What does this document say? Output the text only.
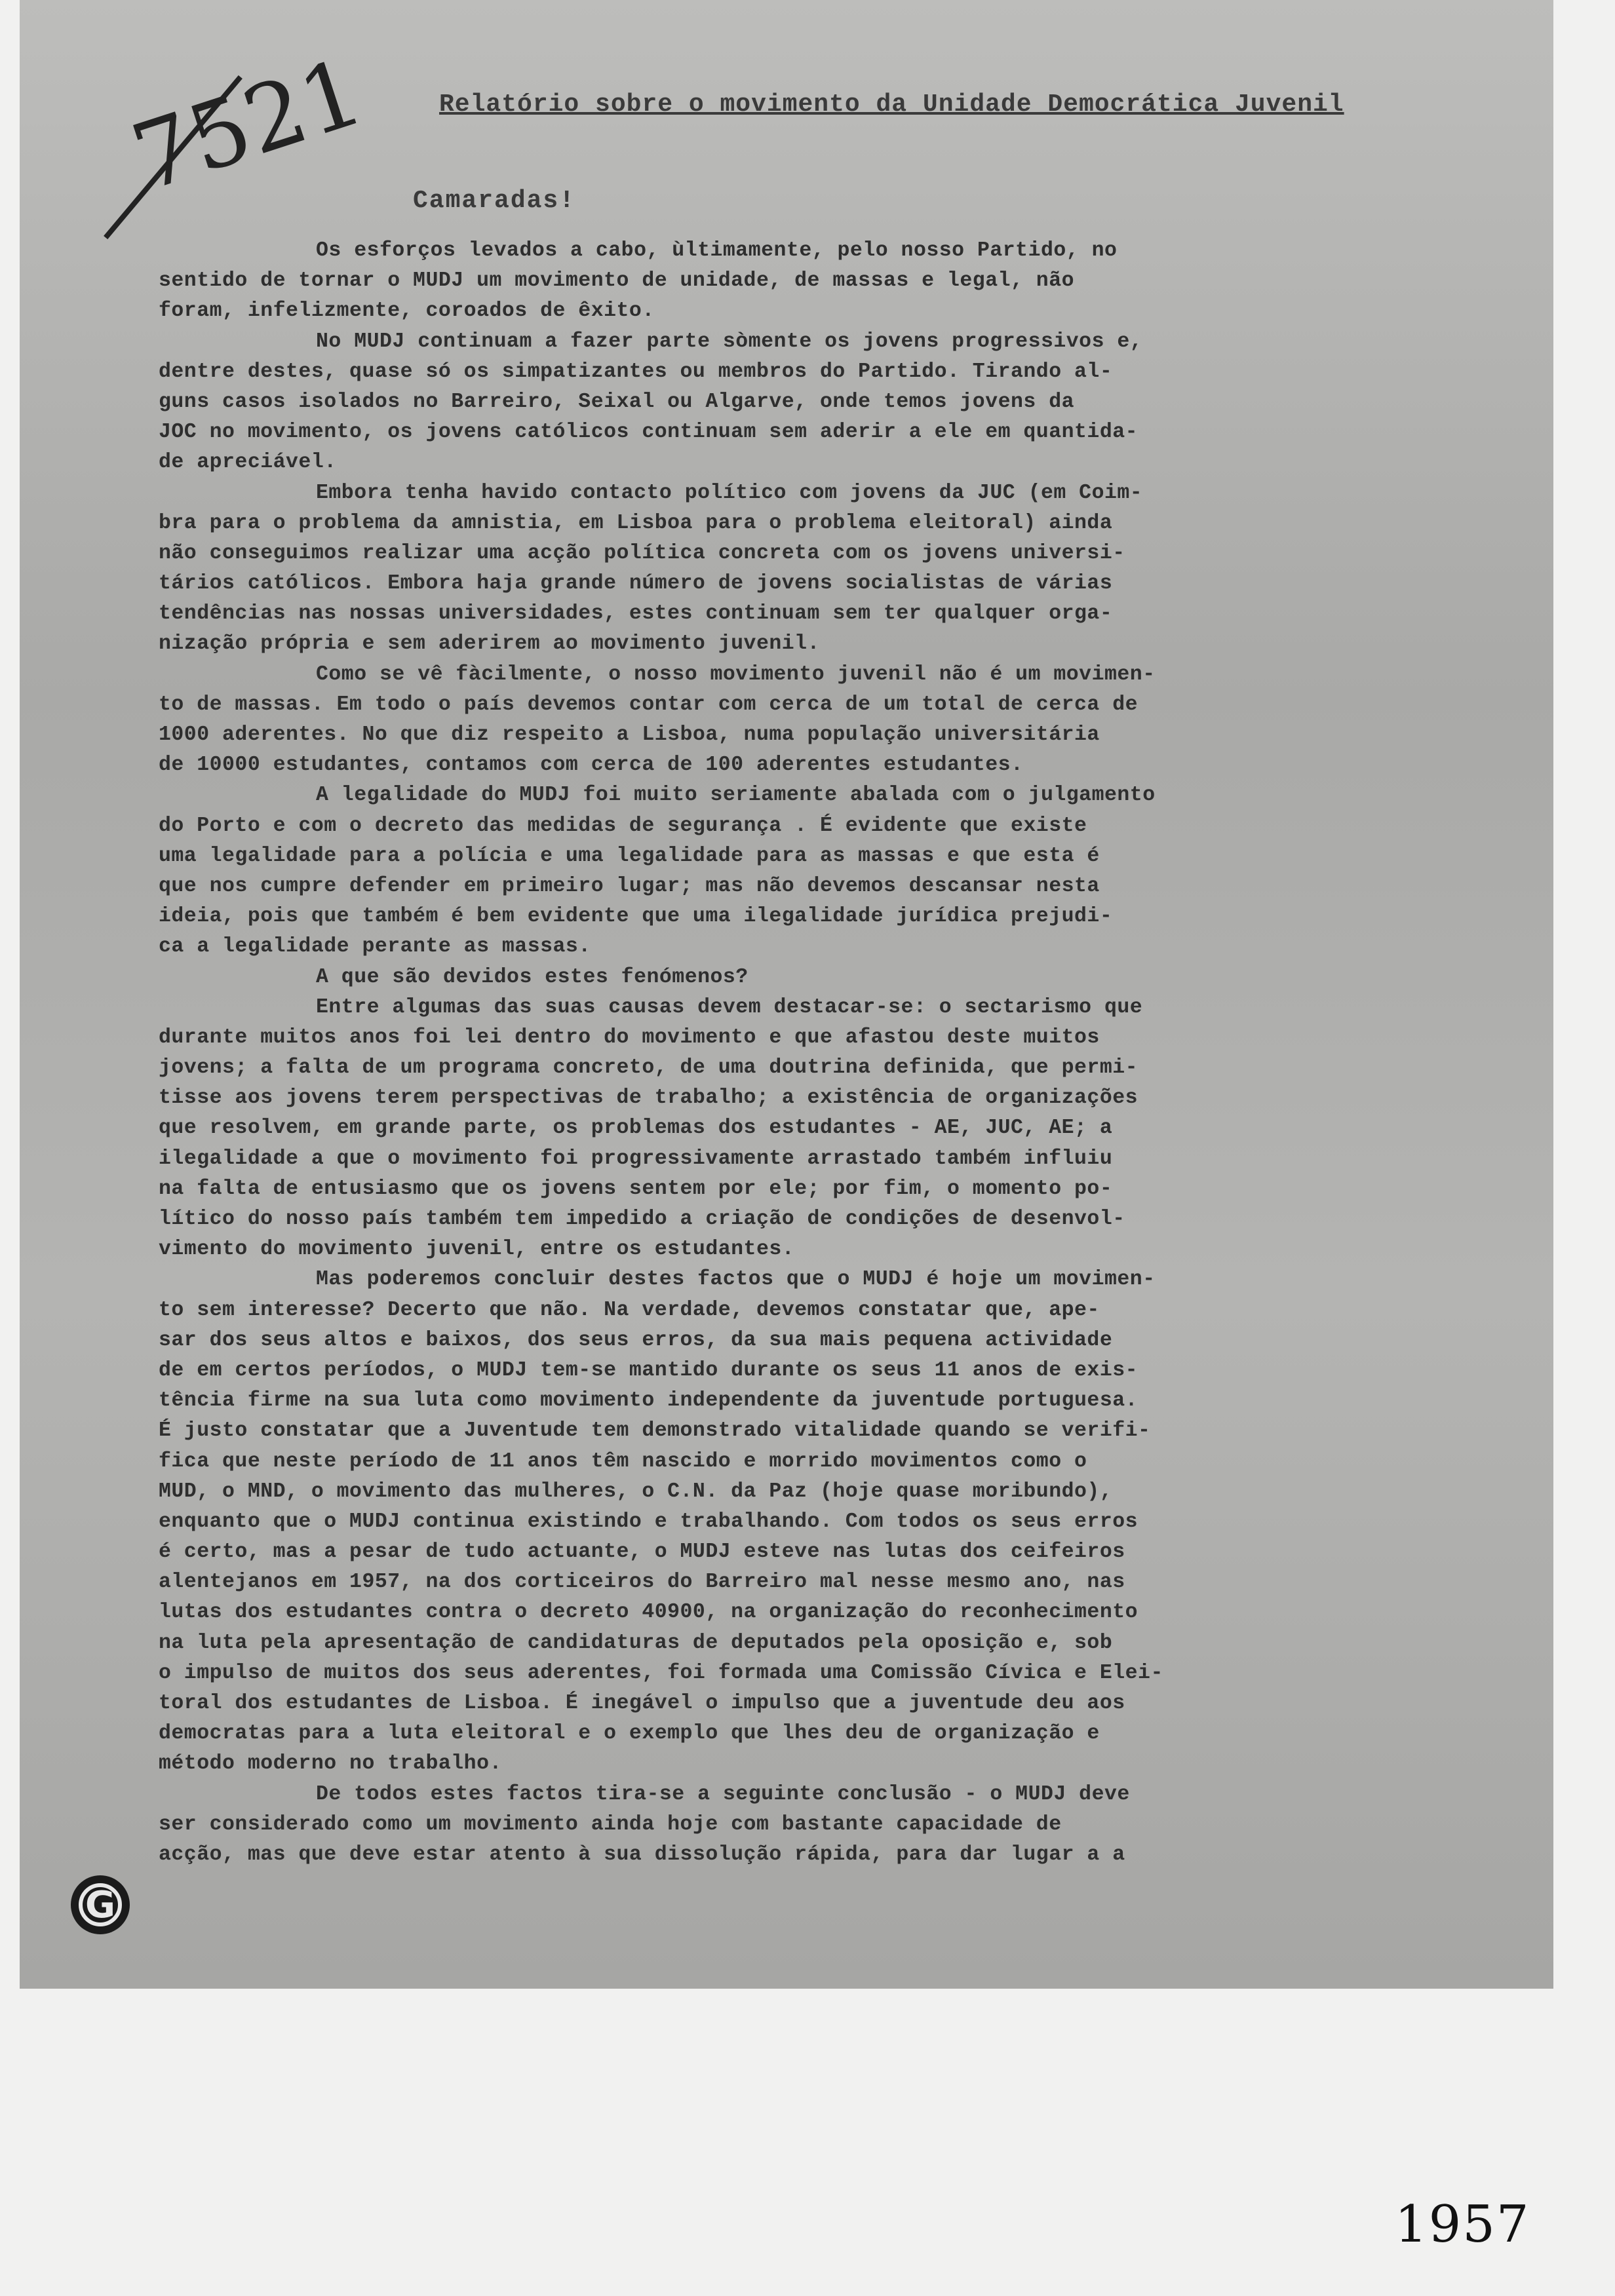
7521	Relatório sobre o movimento da Unidade Democrática Juvenil
Camaradas!
Os esforços levados a cabo, ùltimamente, pelo nosso Partido, no
sentido de tornar o MUDJ um movimento de unidade, de massas e legal, não
foram, infelizmente, coroados de êxito.
No MUDJ continuam a fazer parte sòmente os jovens progressivos e,
dentre destes, quase só os simpatizantes ou membros do Partido. Tirando al-
guns casos isolados no Barreiro, Seixal ou Algarve, onde temos jovens da
JOC no movimento, os jovens católicos continuam sem aderir a ele em quantida-
de apreciável.
Embora tenha havido contacto político com jovens da JUC (em Coim-
bra para o problema da amnistia, em Lisboa para o problema eleitoral) ainda
não conseguimos realizar uma acção política concreta com os jovens universi-
tários católicos. Embora haja grande número de jovens socialistas de várias
tendências nas nossas universidades, estes continuam sem ter qualquer orga-
nização própria e sem aderirem ao movimento juvenil.
Como se vê fàcilmente, o nosso movimento juvenil não é um movimen-
to de massas. Em todo o país devemos contar com cerca de um total de cerca de
1000 aderentes. No que diz respeito a Lisboa, numa população universitária
de 10000 estudantes, contamos com cerca de 100 aderentes estudantes.
A legalidade do MUDJ foi muito seriamente abalada com o julgamento
do Porto e com o decreto das medidas de segurança . É evidente que existe
uma legalidade para a polícia e uma legalidade para as massas e que esta é
que nos cumpre defender em primeiro lugar; mas não devemos descansar nesta
ideia, pois que também é bem evidente que uma ilegalidade jurídica prejudi-
ca a legalidade perante as massas.
A que são devidos estes fenómenos?
Entre algumas das suas causas devem destacar-se: o sectarismo que
durante muitos anos foi lei dentro do movimento e que afastou deste muitos
jovens; a falta de um programa concreto, de uma doutrina definida, que permi-
tisse aos jovens terem perspectivas de trabalho; a existência de organizações
que resolvem, em grande parte, os problemas dos estudantes - AE, JUC, AE; a
ilegalidade a que o movimento foi progressivamente arrastado também influiu
na falta de entusiasmo que os jovens sentem por ele; por fim, o momento po-
lítico do nosso país também tem impedido a criação de condições de desenvol-
vimento do movimento juvenil, entre os estudantes.
Mas poderemos concluir destes factos que o MUDJ é hoje um movimen-
to sem interesse? Decerto que não. Na verdade, devemos constatar que, ape-
sar dos seus altos e baixos, dos seus erros, da sua mais pequena actividade
de em certos períodos, o MUDJ tem-se mantido durante os seus 11 anos de exis-
tência firme na sua luta como movimento independente da juventude portuguesa.
É justo constatar que a Juventude tem demonstrado vitalidade quando se verifi-
fica que neste período de 11 anos têm nascido e morrido movimentos como o
MUD, o MND, o movimento das mulheres, o C.N. da Paz (hoje quase moribundo),
enquanto que o MUDJ continua existindo e trabalhando. Com todos os seus erros
é certo, mas a pesar de tudo actuante, o MUDJ esteve nas lutas dos ceifeiros
alentejanos em 1957, na dos corticeiros do Barreiro mal nesse mesmo ano, nas
lutas dos estudantes contra o decreto 40900, na organização do reconhecimento
na luta pela apresentação de candidaturas de deputados pela oposição e, sob
o impulso de muitos dos seus aderentes, foi formada uma Comissão Cívica e Elei-
toral dos estudantes de Lisboa. É inegável o impulso que a juventude deu aos
democratas para a luta eleitoral e o exemplo que lhes deu de organização e
método moderno no trabalho.
De todos estes factos tira-se a seguinte conclusão - o MUDJ deve
ser considerado como um movimento ainda hoje com bastante capacidade de
acção, mas que deve estar atento à sua dissolução rápida, para dar lugar a a
G
1957
